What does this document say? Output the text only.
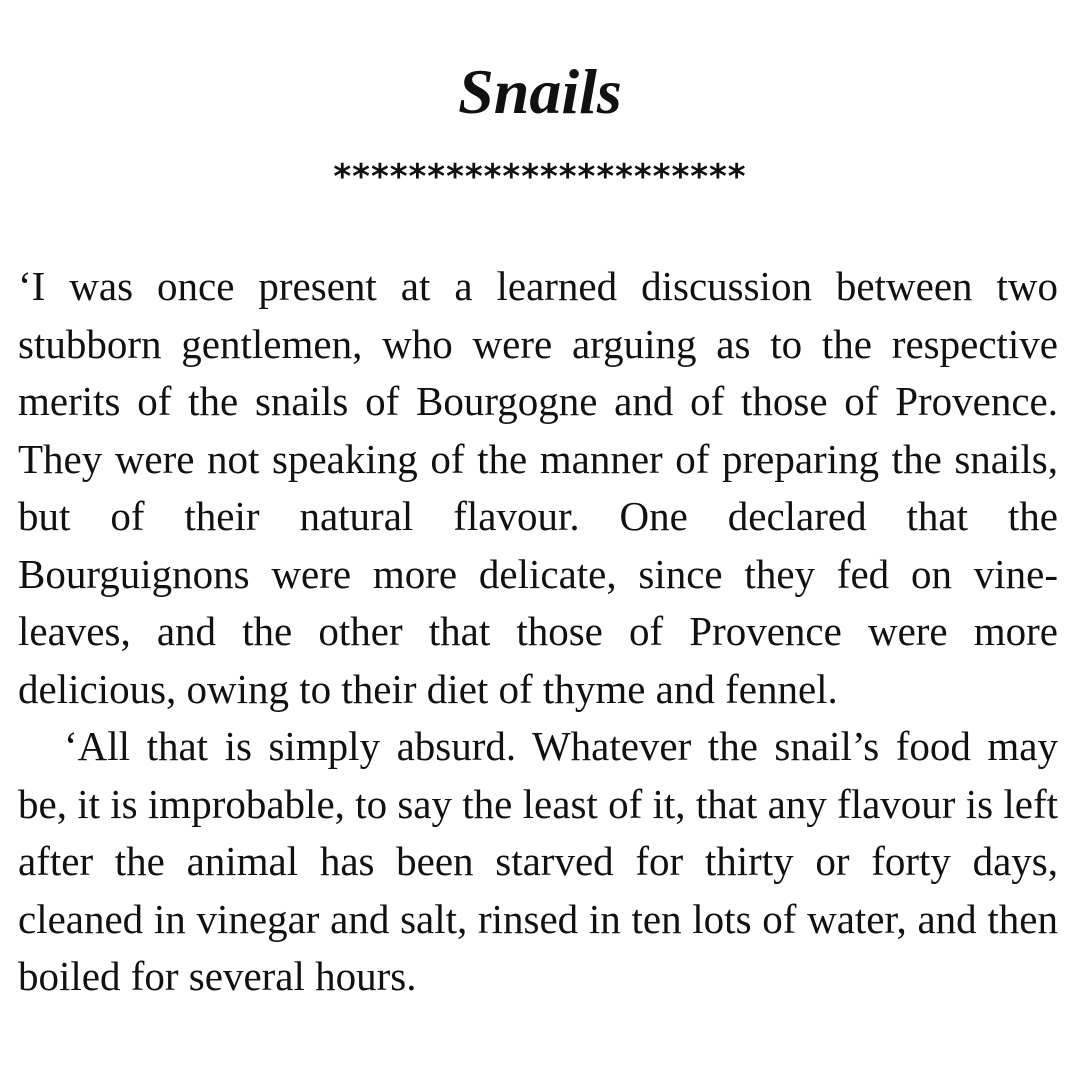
Snails
**********************

‘I was once present at a learned discussion between two stubborn gentlemen, who were arguing as to the respective merits of the snails of Bourgogne and of those of Provence. They were not speaking of the manner of preparing the snails, but of their natural flavour. One declared that the Bourguignons were more delicate, since they fed on vine-leaves, and the other that those of Provence were more delicious, owing to their diet of thyme and fennel.

‘All that is simply absurd. Whatever the snail’s food may be, it is improbable, to say the least of it, that any flavour is left after the animal has been starved for thirty or forty days, cleaned in vinegar and salt, rinsed in ten lots of water, and then boiled for several hours.
